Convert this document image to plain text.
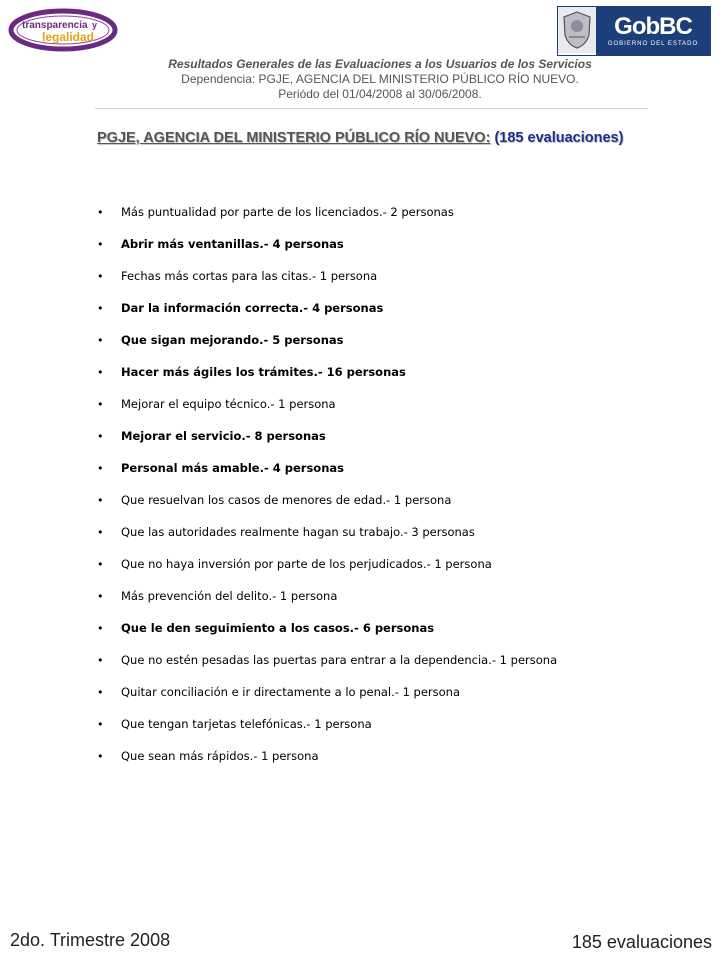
transparencia y
legalidad	GobBC
GOBIERNO DEL ESTADO
Resultados Generales de las Evaluaciones a los Usuarios de los Servicios
Dependencia: PGJE, AGENCIA DEL MINISTERIO PÚBLICO RÍO NUEVO.
Periódo del 01/04/2008 al 30/06/2008.
PGJE, AGENCIA DEL MINISTERIO PÚBLICO RÍO NUEVO: (185 evaluaciones)
•	Más puntualidad por parte de los licenciados.- 2 personas
•	Abrir más ventanillas.- 4 personas
•	Fechas más cortas para las citas.- 1 persona
•	Dar la información correcta.- 4 personas
•	Que sigan mejorando.- 5 personas
•	Hacer más ágiles los trámites.- 16 personas
•	Mejorar el equipo técnico.- 1 persona
•	Mejorar el servicio.- 8 personas
•	Personal más amable.- 4 personas
•	Que resuelvan los casos de menores de edad.- 1 persona
•	Que las autoridades realmente hagan su trabajo.- 3 personas
•	Que no haya inversión por parte de los perjudicados.- 1 persona
•	Más prevención del delito.- 1 persona
•	Que le den seguimiento a los casos.- 6 personas
•	Que no estén pesadas las puertas para entrar a la dependencia.- 1 persona
•	Quitar conciliación e ir directamente a lo penal.- 1 persona
•	Que tengan tarjetas telefónicas.- 1 persona
•	Que sean más rápidos.- 1 persona
2do. Trimestre 2008	185 evaluaciones
